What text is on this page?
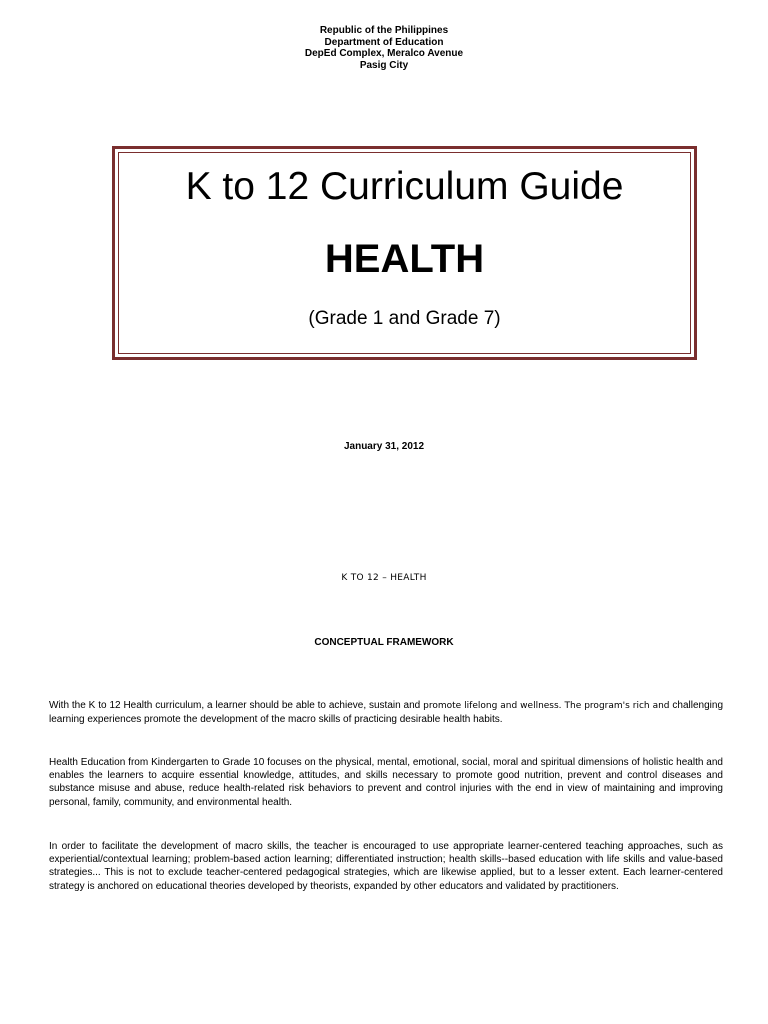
Republic of the Philippines
Department of Education
DepEd Complex, Meralco Avenue
Pasig City
K to 12 Curriculum Guide
HEALTH
(Grade 1 and Grade 7)
January 31, 2012
K TO 12 – HEALTH
CONCEPTUAL FRAMEWORK

With the K to 12 Health curriculum, a learner should be able to achieve, sustain and promote lifelong and wellness. The program's rich and challenging learning experiences promote the development of the macro skills of practicing desirable health habits.

Health Education from Kindergarten to Grade 10 focuses on the physical, mental, emotional, social, moral and spiritual dimensions of holistic health and enables the learners to acquire essential knowledge, attitudes, and skills necessary to promote good nutrition, prevent and control diseases and substance misuse and abuse, reduce health-related risk behaviors to prevent and control injuries with the end in view of maintaining and improving personal, family, community, and environmental health.

In order to facilitate the development of macro skills, the teacher is encouraged to use appropriate learner-centered teaching approaches, such as experiential/contextual learning; problem-based action learning; differentiated instruction; health skills--based education with life skills and value-based strategies... This is not to exclude teacher-centered pedagogical strategies, which are likewise applied, but to a lesser extent. Each learner-centered strategy is anchored on educational theories developed by theorists, expanded by other educators and validated by practitioners.
